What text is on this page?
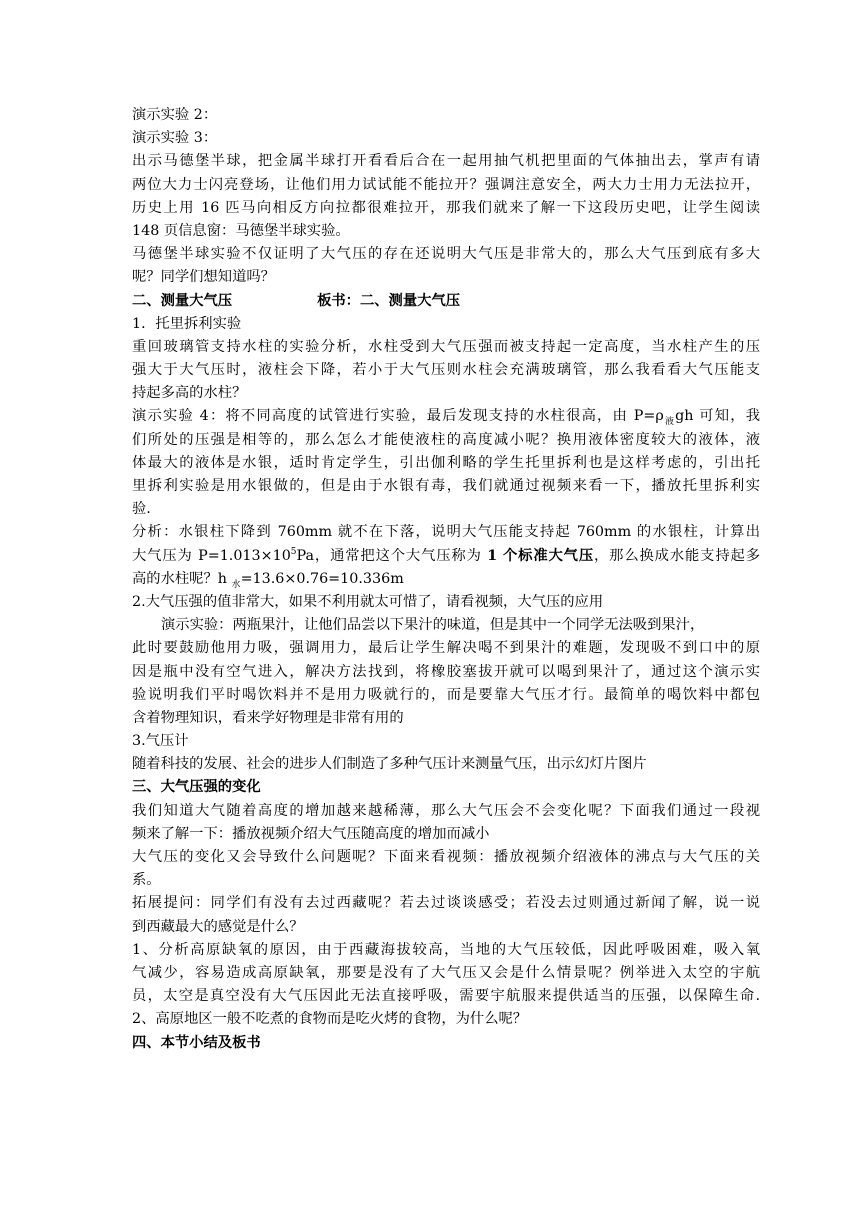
演示实验 2：

演示实验 3：

出示马德堡半球，把金属半球打开看看后合在一起用抽气机把里面的气体抽出去，掌声有请

两位大力士闪亮登场，让他们用力试试能不能拉开？强调注意安全，两大力士用力无法拉开，

历史上用 16 匹马向相反方向拉都很难拉开，那我们就来了解一下这段历史吧，让学生阅读

148 页信息窗：马德堡半球实验。

马德堡半球实验不仅证明了大气压的存在还说明大气压是非常大的，那么大气压到底有多大

呢？同学们想知道吗？

二、测量大气压	板书：二、测量大气压

1．托里拆利实验

重回玻璃管支持水柱的实验分析，水柱受到大气压强而被支持起一定高度，当水柱产生的压

强大于大气压时，液柱会下降，若小于大气压则水柱会充满玻璃管，那么我看看大气压能支

持起多高的水柱？

演示实验 4：将不同高度的试管进行实验，最后发现支持的水柱很高，由 $P=\rho_液gh$ 可知，我

们所处的压强是相等的，那么怎么才能使液柱的高度减小呢？换用液体密度较大的液体，液

体最大的液体是水银，适时肯定学生，引出伽利略的学生托里拆利也是这样考虑的，引出托

里拆利实验是用水银做的，但是由于水银有毒，我们就通过视频来看一下，播放托里拆利实

验.

分析：水银柱下降到 760mm 就不在下落，说明大气压能支持起 760mm 的水银柱，计算出

大气压为 $P=1.013\times 10^5Pa$，通常把这个大气压称为 1 个标准大气压，那么换成水能支持起多

高的水柱呢？h $_水$=13.6×0.76=10.336m

2.大气压强的值非常大，如果不利用就太可惜了，请看视频，大气压的应用

演示实验：两瓶果汁，让他们品尝以下果汁的味道，但是其中一个同学无法吸到果汁，

此时要鼓励他用力吸，强调用力，最后让学生解决喝不到果汁的难题，发现吸不到口中的原

因是瓶中没有空气进入，解决方法找到，将橡胶塞拔开就可以喝到果汁了，通过这个演示实

验说明我们平时喝饮料并不是用力吸就行的，而是要靠大气压才行。最简单的喝饮料中都包

含着物理知识，看来学好物理是非常有用的

3.气压计

随着科技的发展、社会的进步人们制造了多种气压计来测量气压，出示幻灯片图片

三、大气压强的变化

我们知道大气随着高度的增加越来越稀薄，那么大气压会不会变化呢？下面我们通过一段视

频来了解一下：播放视频介绍大气压随高度的增加而减小

大气压的变化又会导致什么问题呢？下面来看视频：播放视频介绍液体的沸点与大气压的关

系。

拓展提问：同学们有没有去过西藏呢？若去过谈谈感受；若没去过则通过新闻了解，说一说

到西藏最大的感觉是什么？

1、分析高原缺氧的原因，由于西藏海拔较高，当地的大气压较低，因此呼吸困难，吸入氧

气减少，容易造成高原缺氧，那要是没有了大气压又会是什么情景呢？例举进入太空的宇航

员，太空是真空没有大气压因此无法直接呼吸，需要宇航服来提供适当的压强，以保障生命.

2、高原地区一般不吃煮的食物而是吃火烤的食物，为什么呢？

四、本节小结及板书
